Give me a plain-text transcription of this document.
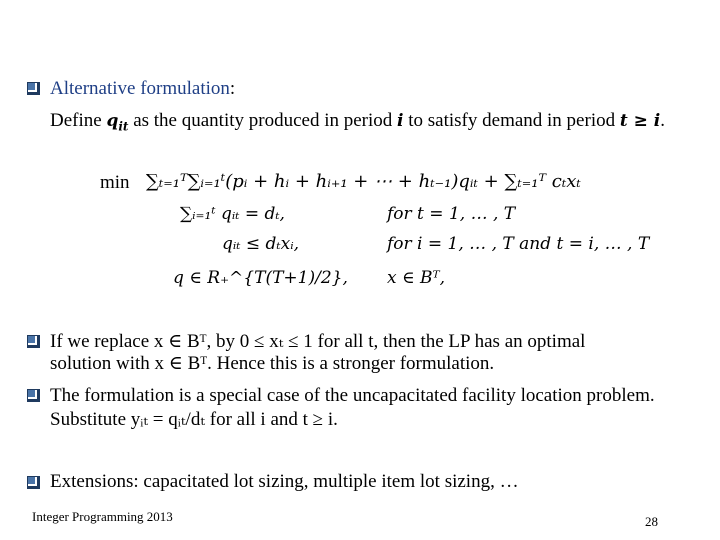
Alternative formulation:
Define $q_{it}$ as the quantity produced in period i to satisfy demand in period t ≥ i.
min ∑ₜ₌₁ᵀ∑ᵢ₌₁ᵗ(pᵢ + hᵢ + hᵢ₊₁ + ⋯ + hₜ₋₁)qᵢₜ + ∑ₜ₌₁ᵀ cₜxₜ
∑ᵢ₌₁ᵗ qᵢₜ = dₜ,	for t = 1, … , T
qᵢₜ ≤ dₜxᵢ,	for i = 1, … , T and t = i, … , T
q ∈ R₊^{T(T+1)/2}, x ∈ Bᵀ,
If we replace x ∈ Bᵀ, by 0 ≤ xₜ ≤ 1 for all t, then the LP has an optimal
solution with x ∈ Bᵀ. Hence this is a stronger formulation.
The formulation is a special case of the uncapacitated facility location problem.
Substitute yᵢₜ = qᵢₜ/dₜ for all i and t ≥ i.
Extensions: capacitated lot sizing, multiple item lot sizing, …
Integer Programming 2013	28
